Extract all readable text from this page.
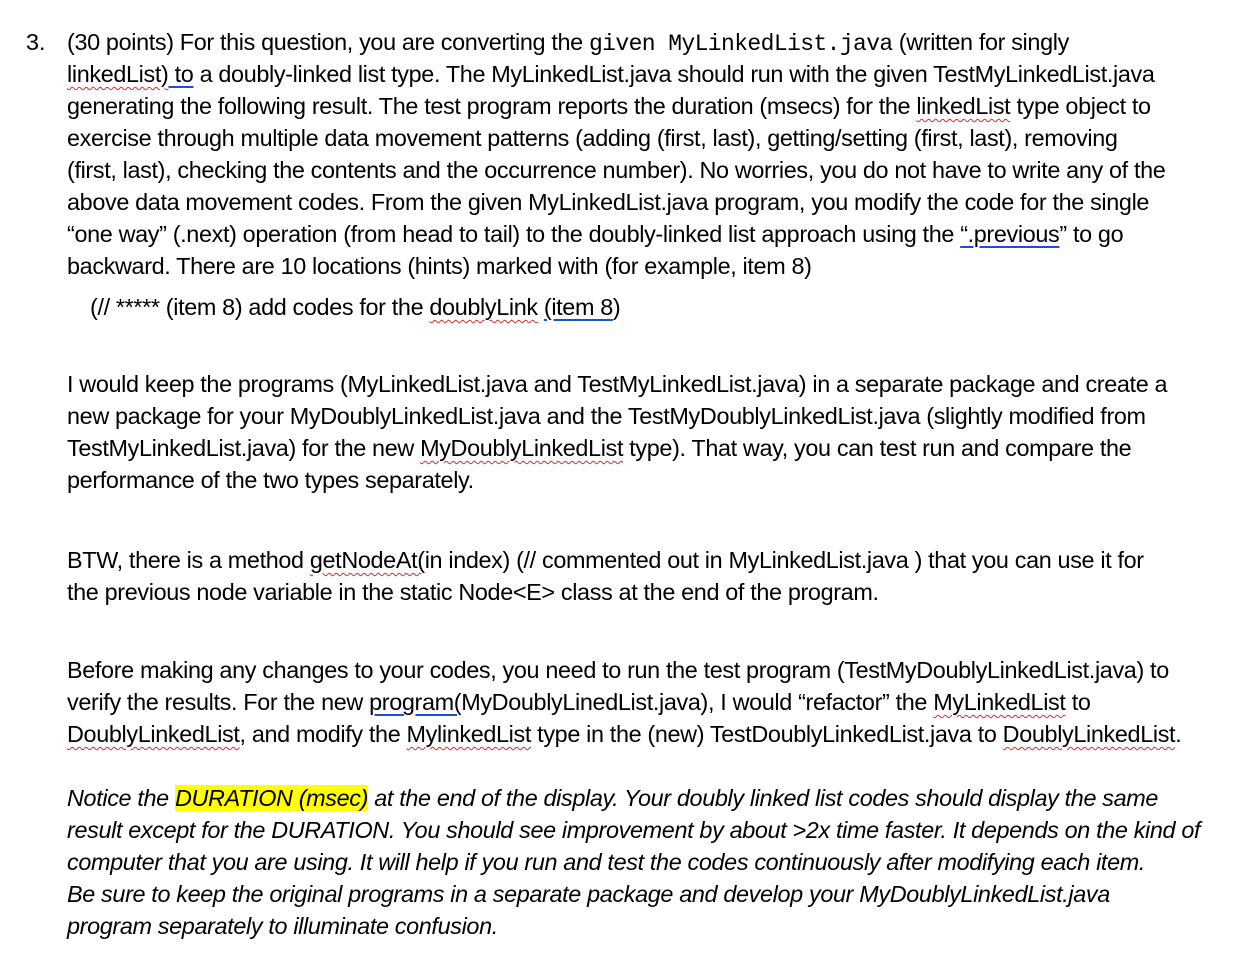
3. (30 points) For this question, you are converting the given MyLinkedList.java (written for singly
linkedList) to a doubly-linked list type. The MyLinkedList.java should run with the given TestMyLinkedList.java
generating the following result. The test program reports the duration (msecs) for the linkedList type object to
exercise through multiple data movement patterns (adding (first, last), getting/setting (first, last), removing
(first, last), checking the contents and the occurrence number). No worries, you do not have to write any of the
above data movement codes. From the given MyLinkedList.java program, you modify the code for the single
“one way” (.next) operation (from head to tail) to the doubly-linked list approach using the “.previous” to go
backward. There are 10 locations (hints) marked with (for example, item 8)
(// ***** (item 8) add codes for the doublyLink (item 8)
I would keep the programs (MyLinkedList.java and TestMyLinkedList.java) in a separate package and create a
new package for your MyDoublyLinkedList.java and the TestMyDoublyLinkedList.java (slightly modified from
TestMyLinkedList.java) for the new MyDoublyLinkedList type). That way, you can test run and compare the
performance of the two types separately.
BTW, there is a method getNodeAt(in index) (// commented out in MyLinkedList.java ) that you can use it for
the previous node variable in the static Node<E> class at the end of the program.
Before making any changes to your codes, you need to run the test program (TestMyDoublyLinkedList.java) to
verify the results. For the new program(MyDoublyLinedList.java), I would “refactor” the MyLinkedList to
DoublyLinkedList, and modify the MylinkedList type in the (new) TestDoublyLinkedList.java to DoublyLinkedList.
Notice the DURATION (msec) at the end of the display. Your doubly linked list codes should display the same
result except for the DURATION. You should see improvement by about >2x time faster. It depends on the kind of
computer that you are using. It will help if you run and test the codes continuously after modifying each item.
Be sure to keep the original programs in a separate package and develop your MyDoublyLinkedList.java
program separately to illuminate confusion.
